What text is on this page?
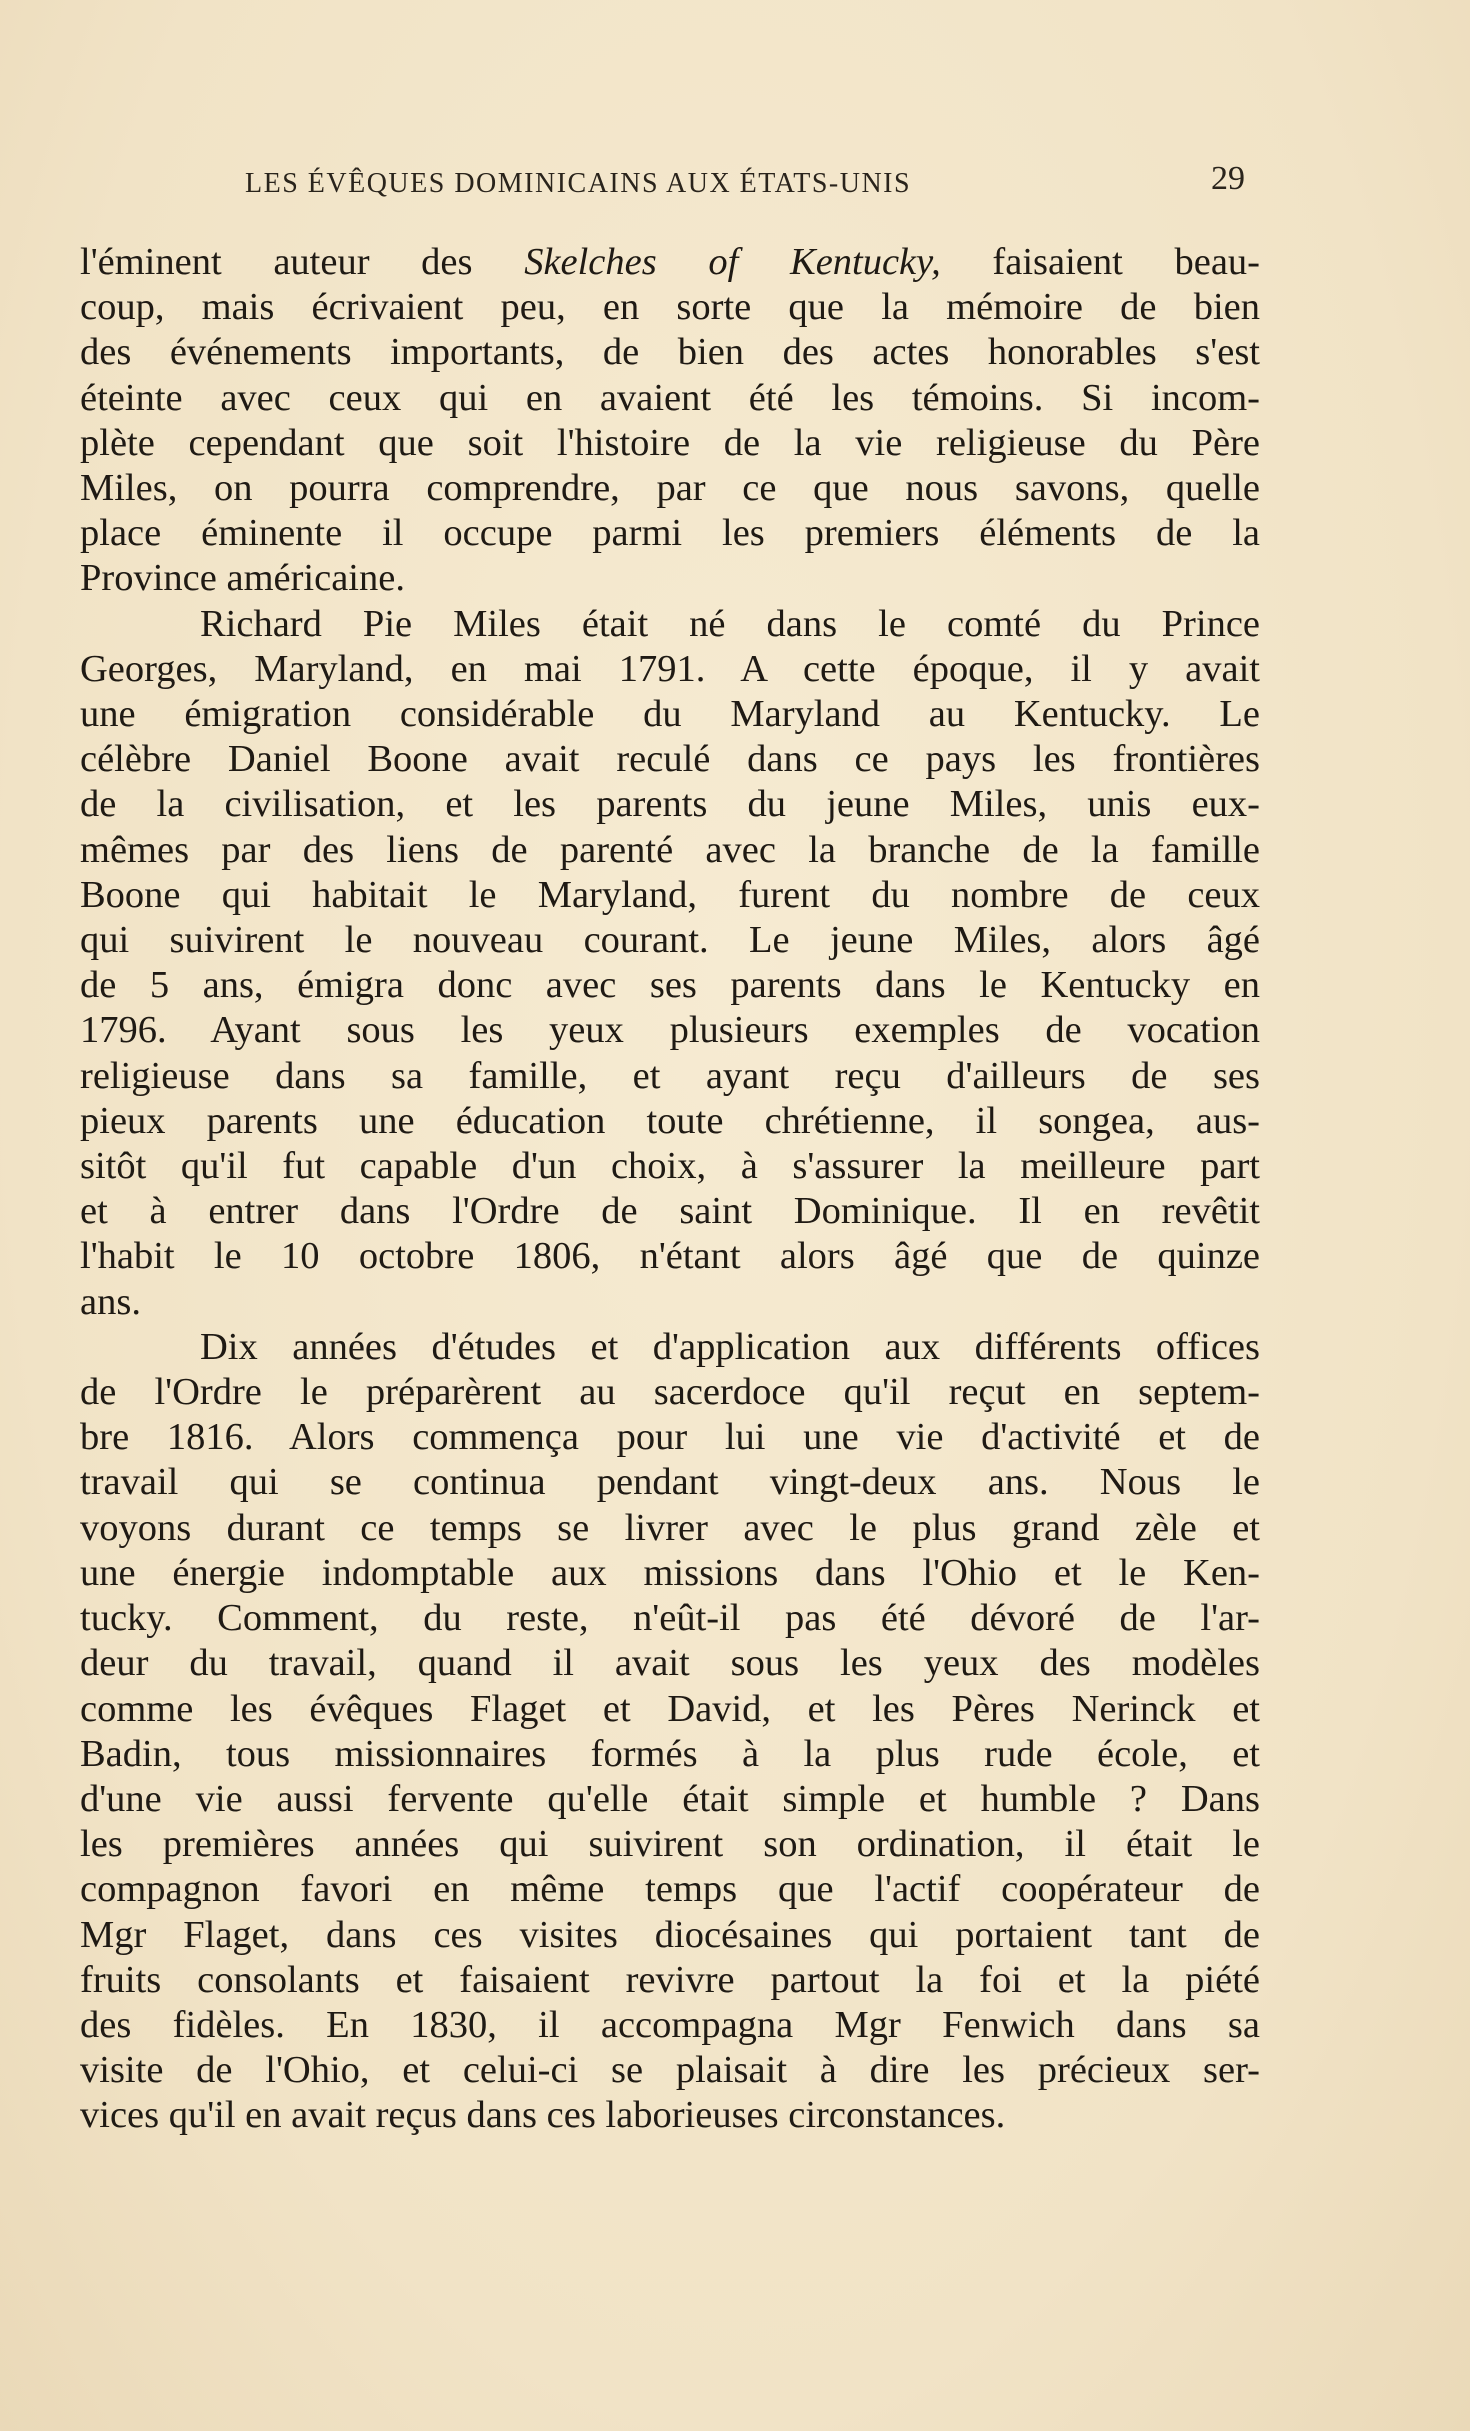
LES ÉVÊQUES DOMINICAINS AUX ÉTATS-UNIS	29

l'éminent auteur des Skelches of Kentucky, faisaient beau-
coup, mais écrivaient peu, en sorte que la mémoire de bien
des événements importants, de bien des actes honorables s'est
éteinte avec ceux qui en avaient été les témoins. Si incom-
plète cependant que soit l'histoire de la vie religieuse du Père
Miles, on pourra comprendre, par ce que nous savons, quelle
place éminente il occupe parmi les premiers éléments de la
Province américaine.

Richard Pie Miles était né dans le comté du Prince
Georges, Maryland, en mai 1791. A cette époque, il y avait
une émigration considérable du Maryland au Kentucky. Le
célèbre Daniel Boone avait reculé dans ce pays les frontières
de la civilisation, et les parents du jeune Miles, unis eux-
mêmes par des liens de parenté avec la branche de la famille
Boone qui habitait le Maryland, furent du nombre de ceux
qui suivirent le nouveau courant. Le jeune Miles, alors âgé
de 5 ans, émigra donc avec ses parents dans le Kentucky en
1796. Ayant sous les yeux plusieurs exemples de vocation
religieuse dans sa famille, et ayant reçu d'ailleurs de ses
pieux parents une éducation toute chrétienne, il songea, aus-
sitôt qu'il fut capable d'un choix, à s'assurer la meilleure part
et à entrer dans l'Ordre de saint Dominique. Il en revêtit
l'habit le 10 octobre 1806, n'étant alors âgé que de quinze
ans.

Dix années d'études et d'application aux différents offices
de l'Ordre le préparèrent au sacerdoce qu'il reçut en septem-
bre 1816. Alors commença pour lui une vie d'activité et de
travail qui se continua pendant vingt-deux ans. Nous le
voyons durant ce temps se livrer avec le plus grand zèle et
une énergie indomptable aux missions dans l'Ohio et le Ken-
tucky. Comment, du reste, n'eût-il pas été dévoré de l'ar-
deur du travail, quand il avait sous les yeux des modèles
comme les évêques Flaget et David, et les Pères Nerinck et
Badin, tous missionnaires formés à la plus rude école, et
d'une vie aussi fervente qu'elle était simple et humble ? Dans
les premières années qui suivirent son ordination, il était le
compagnon favori en même temps que l'actif coopérateur de
Mgr Flaget, dans ces visites diocésaines qui portaient tant de
fruits consolants et faisaient revivre partout la foi et la piété
des fidèles. En 1830, il accompagna Mgr Fenwich dans sa
visite de l'Ohio, et celui-ci se plaisait à dire les précieux ser-
vices qu'il en avait reçus dans ces laborieuses circonstances.
